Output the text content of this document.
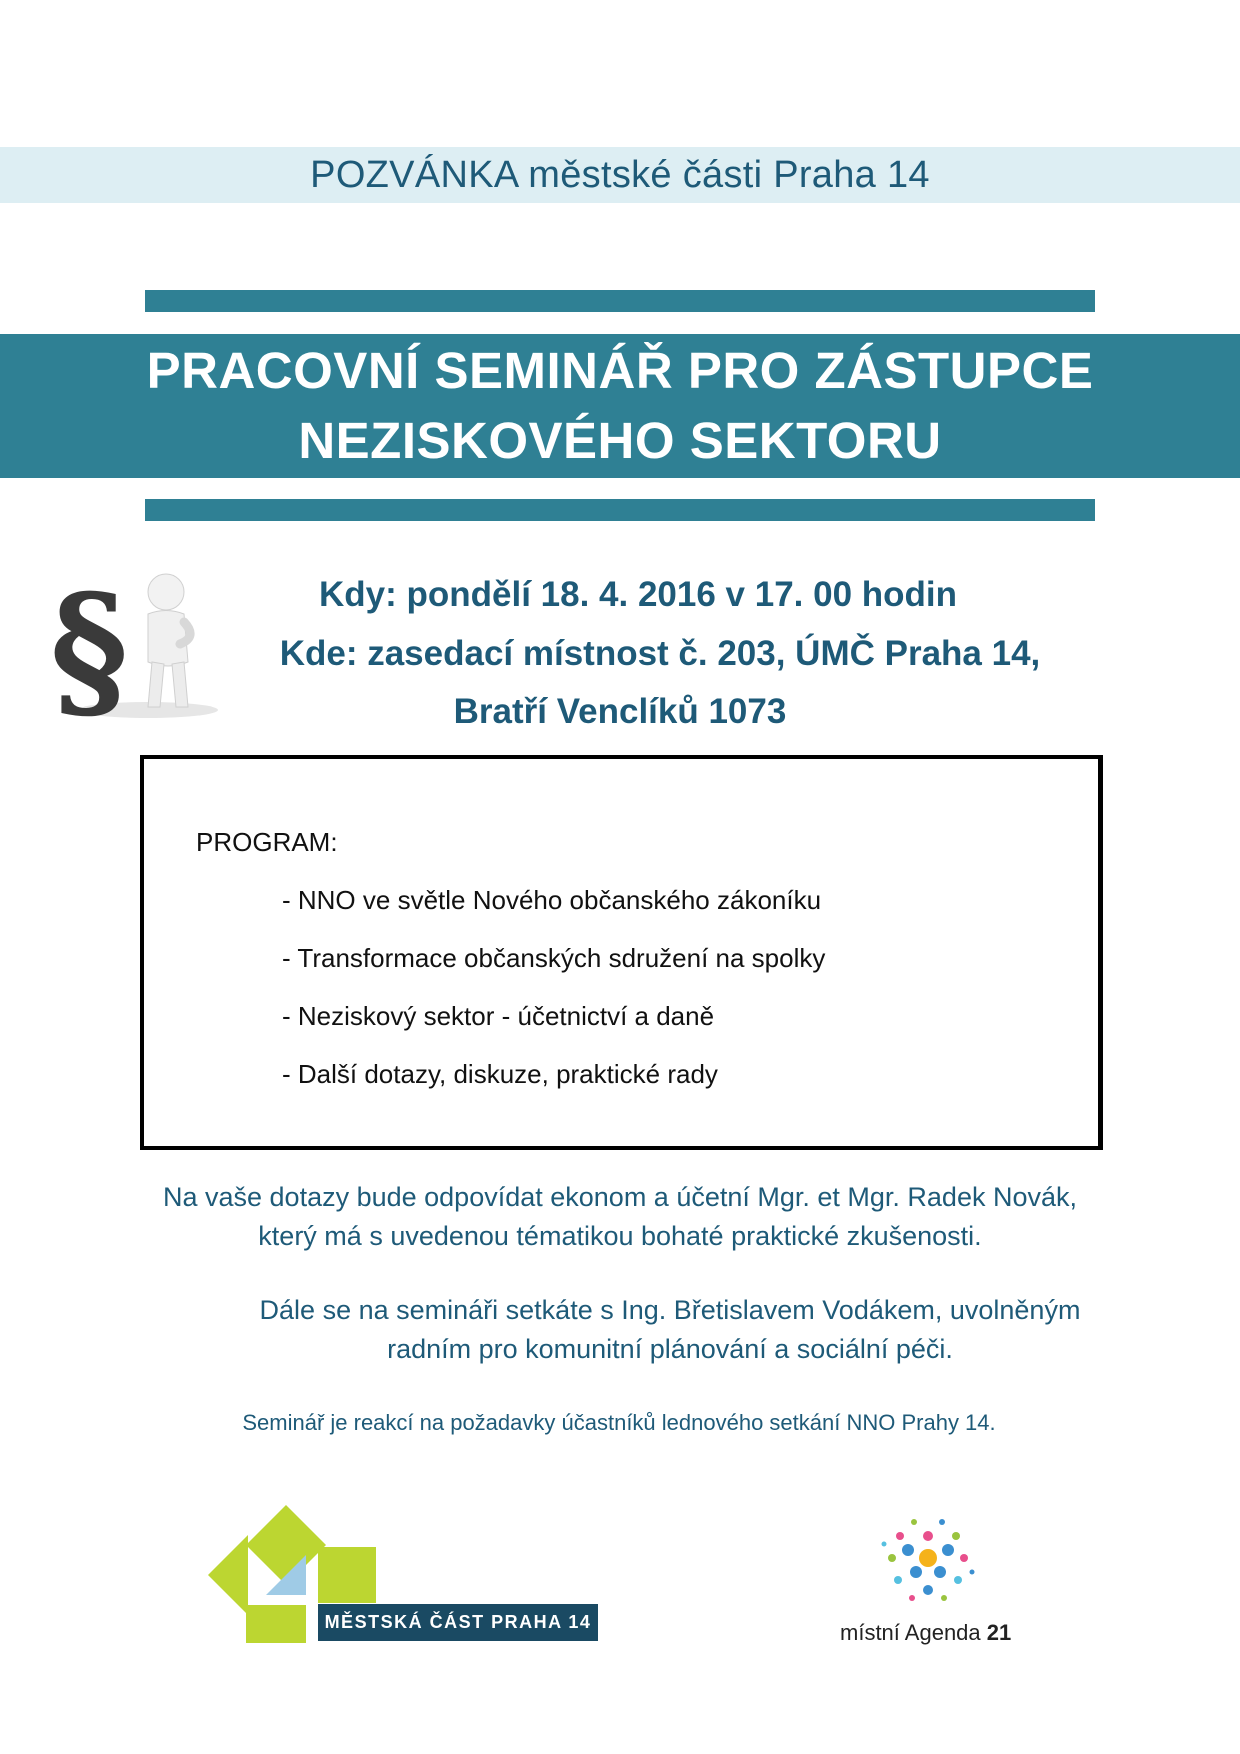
POZVÁNKA městské části Praha 14
PRACOVNÍ SEMINÁŘ PRO ZÁSTUPCE
NEZISKOVÉHO SEKTORU
§	Kdy: pondělí 18. 4. 2016 v 17. 00 hodin
Kde: zasedací místnost č. 203, ÚMČ Praha 14,
Bratří Venclíků 1073
PROGRAM:
- NNO ve světle Nového občanského zákoníku
- Transformace občanských sdružení na spolky
- Neziskový sektor - účetnictví a daně
- Další dotazy, diskuze, praktické rady
Na vaše dotazy bude odpovídat ekonom a účetní Mgr. et Mgr. Radek Novák,
který má s uvedenou tématikou bohaté praktické zkušenosti.
Dále se na semináři setkáte s Ing. Břetislavem Vodákem, uvolněným
radním pro komunitní plánování a sociální péči.
Seminář je reakcí na požadavky účastníků lednového setkání NNO Prahy 14.
MĚSTSKÁ ČÁST PRAHA 14	místní Agenda 21
